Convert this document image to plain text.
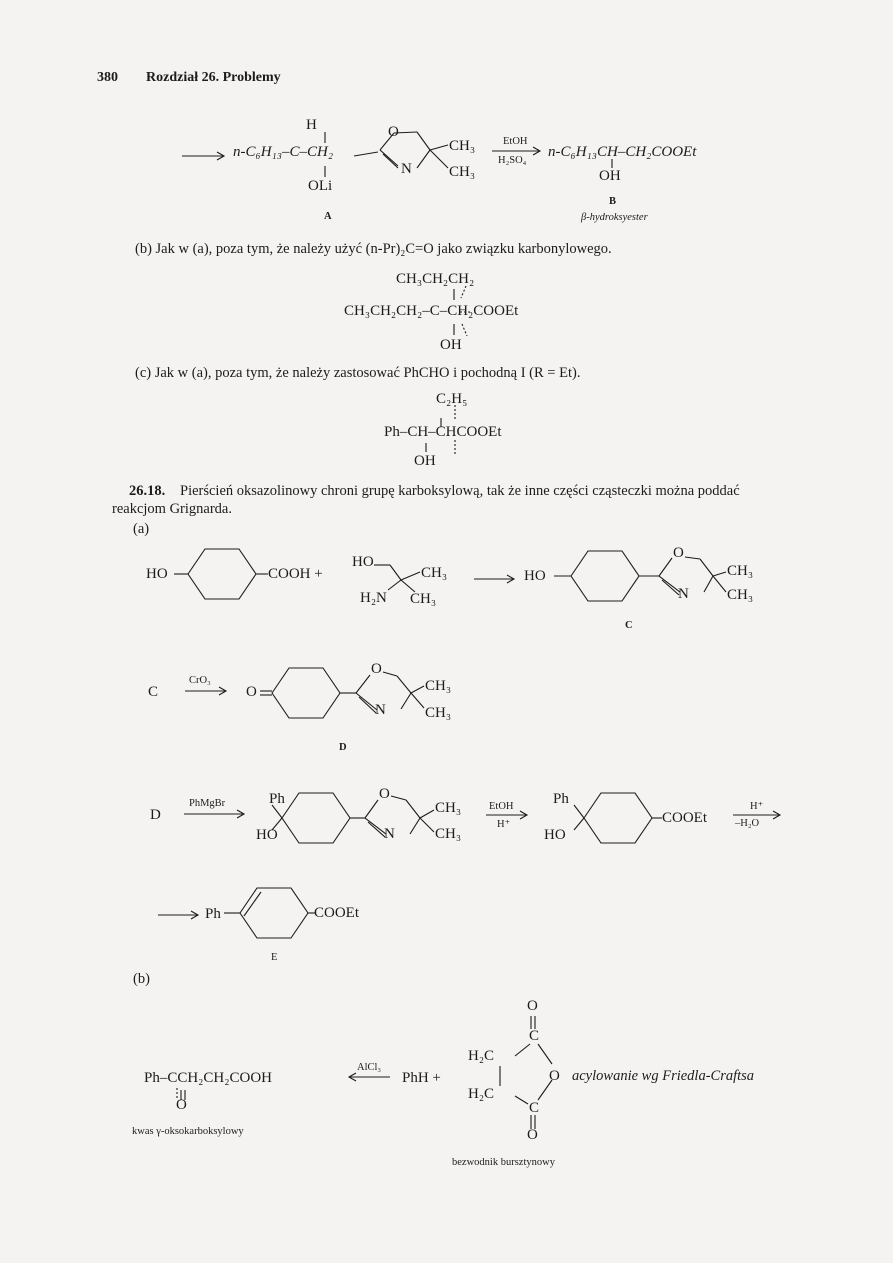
380 Rozdział 26. Problemy
H
n-C₆H₁₃–C–CH₂
OLi
O
N
CH₃
CH₃
EtOH
H₂SO₄
n-C₆H₁₃CH–CH₂COOEt
OH
A
B
β-hydroksyester
(b) Jak w (a), poza tym, że należy użyć (n-Pr)₂C=O jako związku karbonylowego.
CH₃CH₂CH₂
CH₃CH₂CH₂–C–CH₂COOEt
OH
(c) Jak w (a), poza tym, że należy zastosować PhCHO i pochodną I (R = Et).
C₂H₅
Ph–CH–CHCOOEt
OH
26.18. Pierścień oksazolinowy chroni grupę karboksylową, tak że inne części cząsteczki można poddać
reakcjom Grignarda.
(a)
HO	COOH +
HO
H₂N
CH₃
CH₃
HO
O
N
CH₃
CH₃
C
C
CrO₃
O
O
N
CH₃
CH₃
D
D
PhMgBr	Ph
HO
O
N
CH₃
CH₃
EtOH
H⁺
Ph
HO
COOEt
H⁺
–H₂O
Ph	COOEt
E
(b)
Ph–CCH₂CH₂COOH
O
kwas γ-oksokarboksylowy
AlCl₃
PhH +
O
C
H₂C
O
H₂C
C
O
acylowanie wg Friedla-Craftsa
bezwodnik bursztynowy
